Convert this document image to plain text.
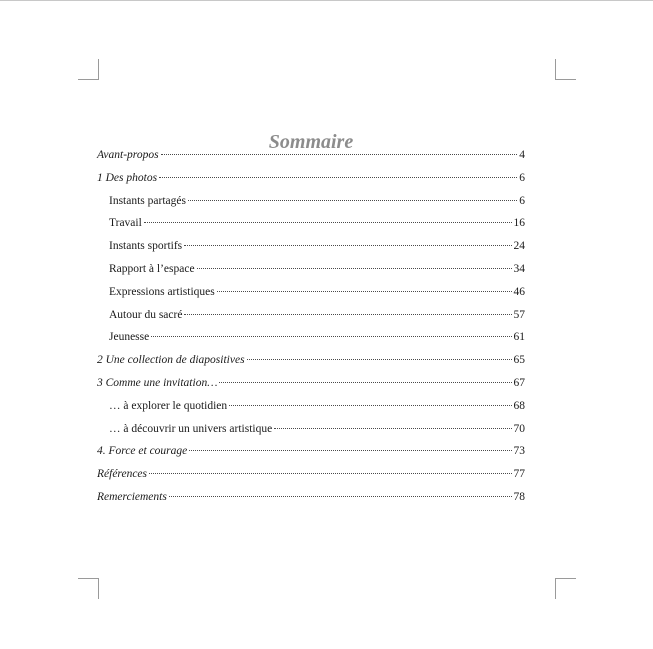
Sommaire
Avant-propos	4
1 Des photos	6
Instants partagés	6
Travail	16
Instants sportifs	24
Rapport à l’espace	34
Expressions artistiques	46
Autour du sacré	57
Jeunesse	61
2 Une collection de diapositives	65
3 Comme une invitation…	67
… à explorer le quotidien	68
… à découvrir un univers artistique	70
4. Force et courage	73
Références	77
Remerciements	78
